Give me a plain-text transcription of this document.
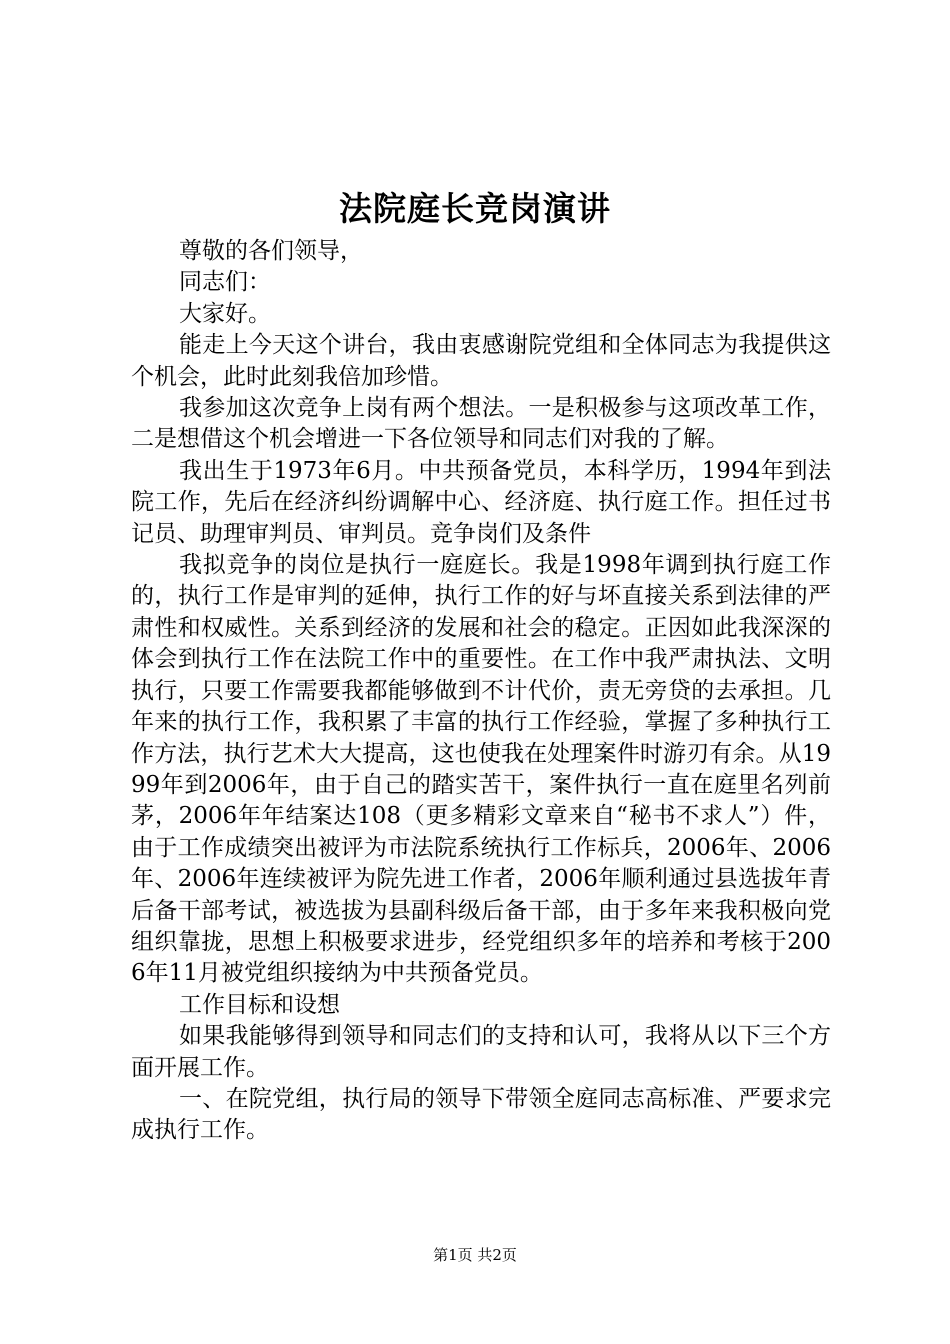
法院庭长竞岗演讲

尊敬的各们领导，

同志们：

大家好。

能走上今天这个讲台，我由衷感谢院党组和全体同志为我提供这个机会，此时此刻我倍加珍惜。

我参加这次竞争上岗有两个想法。一是积极参与这项改革工作，二是想借这个机会增进一下各位领导和同志们对我的了解。

我出生于1973年6月。中共预备党员，本科学历，1994年到法院工作，先后在经济纠纷调解中心、经济庭、执行庭工作。担任过书记员、助理审判员、审判员。竞争岗们及条件

我拟竞争的岗位是执行一庭庭长。我是1998年调到执行庭工作的，执行工作是审判的延伸，执行工作的好与坏直接关系到法律的严肃性和权威性。关系到经济的发展和社会的稳定。正因如此我深深的体会到执行工作在法院工作中的重要性。在工作中我严肃执法、文明执行，只要工作需要我都能够做到不计代价，责无旁贷的去承担。几年来的执行工作，我积累了丰富的执行工作经验，掌握了多种执行工作方法，执行艺术大大提高，这也使我在处理案件时游刃有余。从1999年到2006年，由于自己的踏实苦干，案件执行一直在庭里名列前茅，2006年年结案达108（更多精彩文章来自“秘书不求人”）件，由于工作成绩突出被评为市法院系统执行工作标兵，2006年、2006年、2006年连续被评为院先进工作者，2006年顺利通过县选拔年青后备干部考试，被选拔为县副科级后备干部，由于多年来我积极向党组织靠拢，思想上积极要求进步，经党组织多年的培养和考核于2006年11月被党组织接纳为中共预备党员。

工作目标和设想

如果我能够得到领导和同志们的支持和认可，我将从以下三个方面开展工作。

一、在院党组，执行局的领导下带领全庭同志高标准、严要求完成执行工作。

第1页 共2页
